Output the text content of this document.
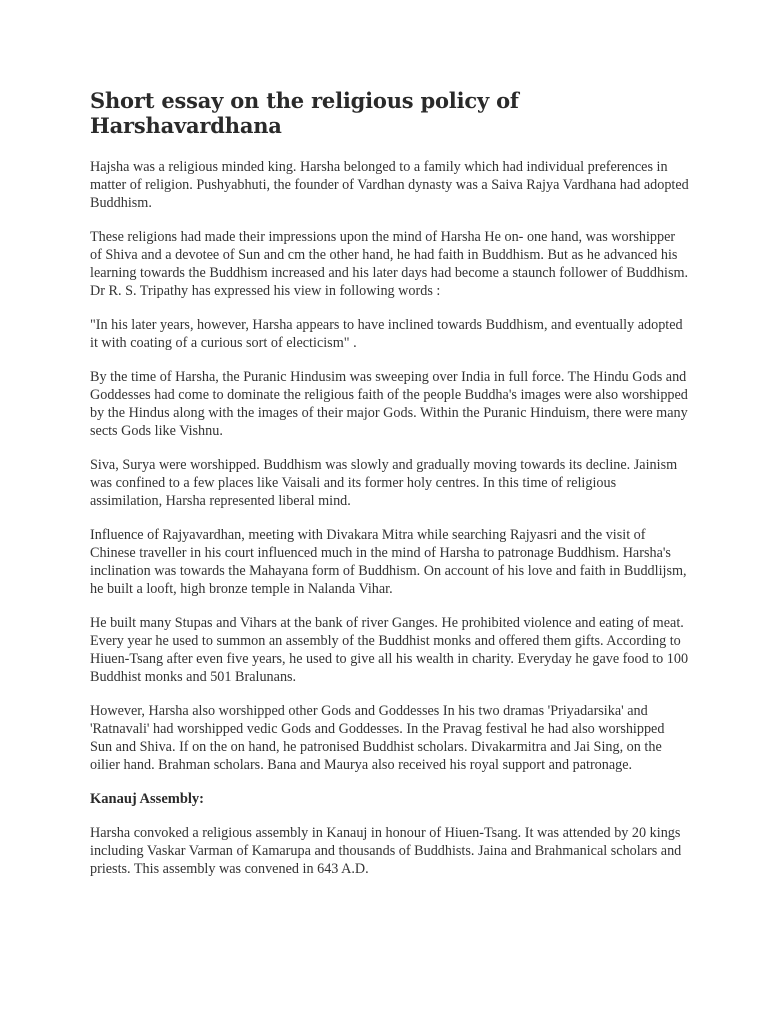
Short essay on the religious policy of Harshavardhana

Hajsha was a religious minded king. Harsha belonged to a family which had individual preferences in matter of religion. Pushyabhuti, the founder of Vardhan dynasty was a Saiva Rajya Vardhana had adopted Buddhism.

These religions had made their impressions upon the mind of Harsha He on- one hand, was worshipper of Shiva and a devotee of Sun and cm the other hand, he had faith in Buddhism. But as he advanced his learning towards the Buddhism increased and his later days had become a staunch follower of Buddhism. Dr R. S. Tripathy has expressed his view in following words :

"In his later years, however, Harsha appears to have inclined towards Buddhism, and eventually adopted it with coating of a curious sort of electicism" .

By the time of Harsha, the Puranic Hindusim was sweeping over India in full force. The Hindu Gods and Goddesses had come to dominate the religious faith of the people Buddha's images were also worshipped by the Hindus along with the images of their major Gods. Within the Puranic Hinduism, there were many sects Gods like Vishnu.

Siva, Surya were worshipped. Buddhism was slowly and gradually moving towards its decline. Jainism was confined to a few places like Vaisali and its former holy centres. In this time of religious assimilation, Harsha represented liberal mind.

Influence of Rajyavardhan, meeting with Divakara Mitra while searching Rajyasri and the visit of Chinese traveller in his court influenced much in the mind of Harsha to patronage Buddhism. Harsha's inclination was towards the Mahayana form of Buddhism. On account of his love and faith in Buddlijsm, he built a looft, high bronze temple in Nalanda Vihar.

He built many Stupas and Vihars at the bank of river Ganges. He prohibited violence and eating of meat. Every year he used to summon an assembly of the Buddhist monks and offered them gifts. According to Hiuen-Tsang after even five years, he used to give all his wealth in charity. Everyday he gave food to 100 Buddhist monks and 501 Bralunans.

However, Harsha also worshipped other Gods and Goddesses In his two dramas 'Priyadarsika' and 'Ratnavali' had worshipped vedic Gods and Goddesses. In the Pravag festival he had also worshipped Sun and Shiva. If on the on hand, he patronised Buddhist scholars. Divakarmitra and Jai Sing, on the oilier hand. Brahman scholars. Bana and Maurya also received his royal support and patronage.

Kanauj Assembly:

Harsha convoked a religious assembly in Kanauj in honour of Hiuen-Tsang. It was attended by 20 kings including Vaskar Varman of Kamarupa and thousands of Buddhists. Jaina and Brahmanical scholars and priests. This assembly was convened in 643 A.D.
